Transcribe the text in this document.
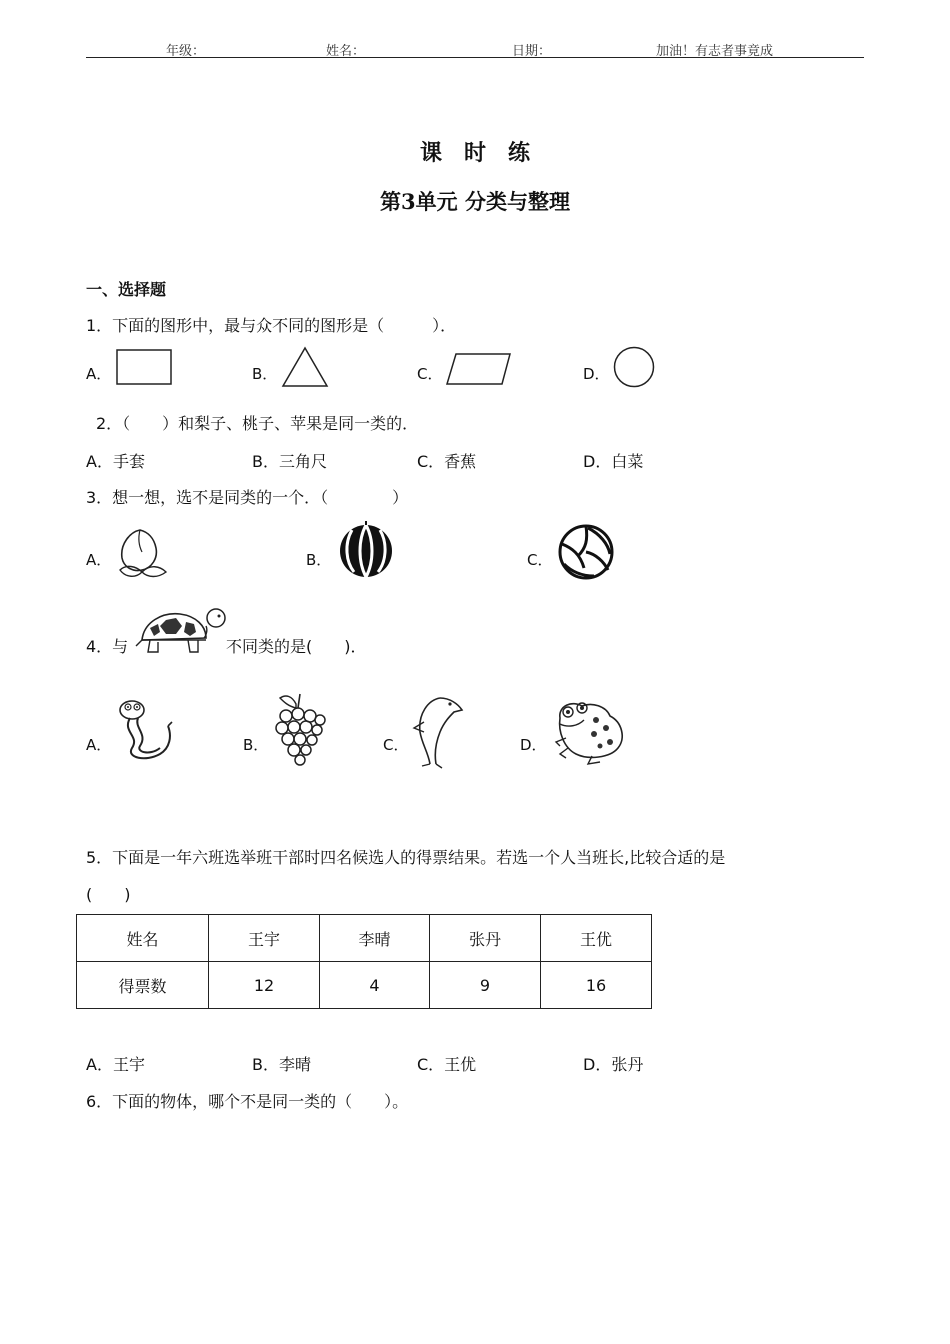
年级：	姓名：	日期：	加油！有志者事竟成
课时练
第3单元 分类与整理
一、选择题
1．下面的图形中，最与众不同的图形是（　　　）．
A．	B．	C．	D．
2．（　　）和梨子、桃子、苹果是同一类的．
A．手套	B．三角尺	C．香蕉	D．白菜
3．想一想，选不是同类的一个．（　　　　）
A．	B．	C．
4．与	不同类的是(　　)．
A．	B．	C．	D．
5．下面是一年六班选举班干部时四名候选人的得票结果。若选一个人当班长,比较合适的是
(　　)
姓名	王宇	李晴	张丹	王优
得票数	12	4	9	16
A．王宇	B．李晴	C．王优	D．张丹
6．下面的物体，哪个不是同一类的（　　）。
